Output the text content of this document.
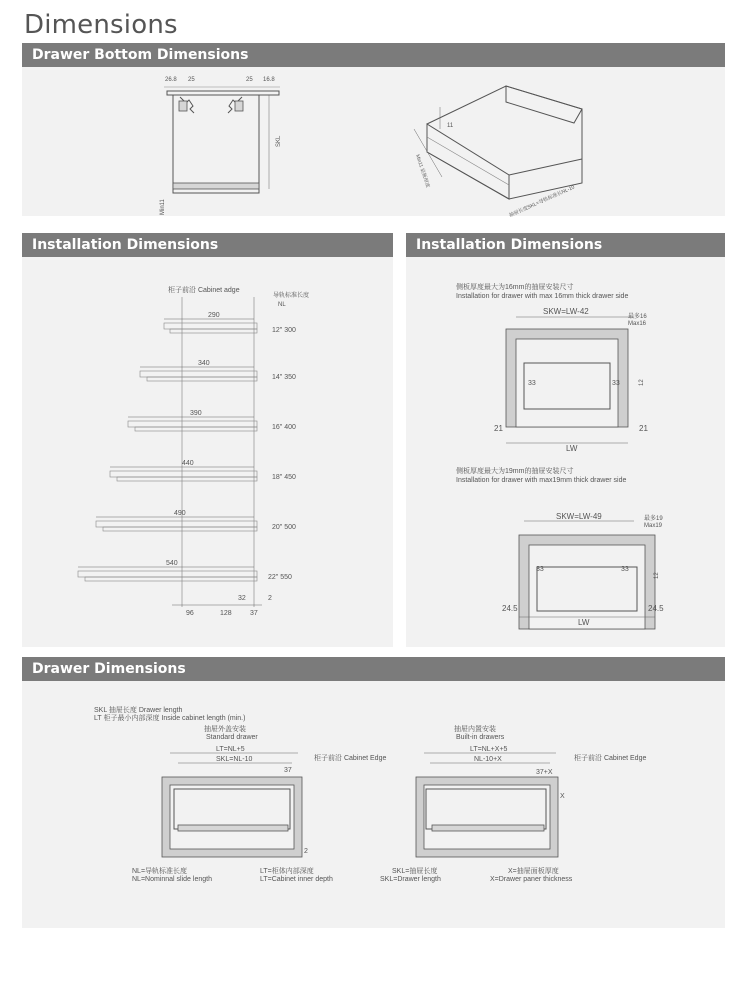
Dimensions
Drawer Bottom Dimensions
26.8 25	25 16.8
SKL
Min11
11
Min11 底板厚度
抽屉长度SKL=导轨标准长NL-10
Installation Dimensions
柜子前沿 Cabinet adge
导轨标准长度
NL
290
12" 300
340
14" 350
390
16" 400
440
18" 450
490
20" 500
540
22" 550
96	128	37
32	2
Installation Dimensions
侧板厚度最大为16mm的抽屉安装尺寸
Installation for drawer with max 16mm thick drawer side
SKW=LW-42
最多16
Max16
33	33	12
21	21
LW
侧板厚度最大为19mm的抽屉安装尺寸
Installation for drawer with max19mm thick drawer side
SKW=LW-49	最多19
Max19
33	33
12
24.5	24.5
LW
Drawer Dimensions
SKL 抽屉长度 Drawer length
LT 柜子最小内部深度 Inside cabinet length (min.)
抽屉外盖安装
Standard drawer
LT=NL+5
SKL=NL-10
37
柜子前沿 Cabinet Edge
2
抽屉内置安装
Built-in drawers
LT=NL+X+5
NL-10+X
37+X
柜子前沿 Cabinet Edge
X
NL=导轨标准长度
NL=Nominnal slide length
LT=柜体内部深度
LT=Cabinet inner depth
SKL=抽屉长度
SKL=Drawer length
X=抽屉面板厚度
X=Drawer paner thickness
